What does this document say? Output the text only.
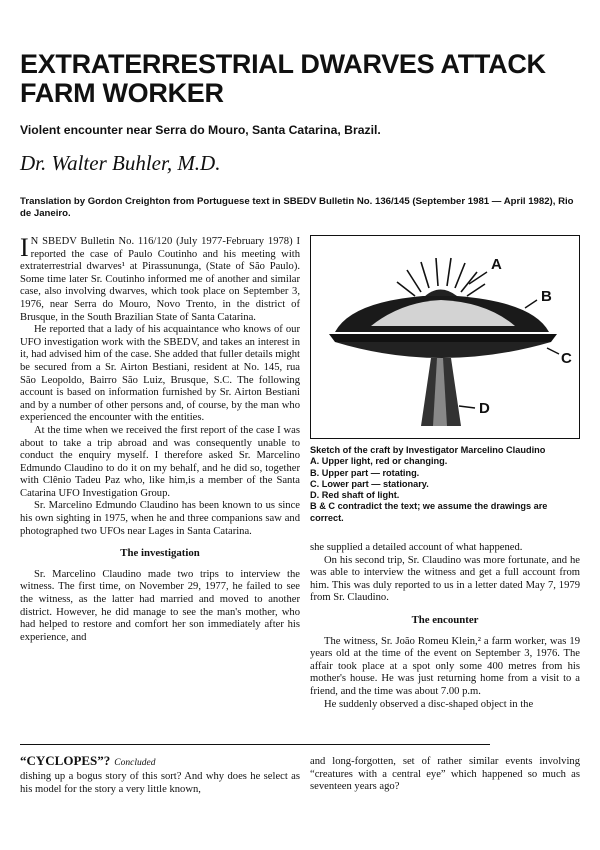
EXTRATERRESTRIAL DWARVES ATTACK FARM WORKER

Violent encounter near Serra do Mouro, Santa Catarina, Brazil.

Dr. Walter Buhler, M.D.

Translation by Gordon Creighton from Portuguese text in SBEDV Bulletin No. 136/145 (September 1981 — April 1982), Rio de Janeiro.

I N SBEDV Bulletin No. 116/120 (July 1977-February 1978) I reported the case of Paulo Coutinho and his meeting with extraterrestrial dwarves¹ at Pirassununga, (State of São Paulo). Some time later Sr. Coutinho informed me of another and similar case, also involving dwarves, which took place on September 3, 1976, near Serra do Mouro, Novo Trento, in the district of Brusque, in the South Brazilian State of Santa Catarina.

He reported that a lady of his acquaintance who knows of our UFO investigation work with the SBEDV, and takes an interest in it, had advised him of the case. She added that fuller details might be secured from a Sr. Airton Bestiani, resident at No. 145, rua São Leopoldo, Bairro São Luiz, Brusque, S.C. The following account is based on information furnished by Sr. Airton Bestiani and by a number of other persons and, of course, by the man who experienced the encounter with the entities.

At the time when we received the first report of the case I was about to take a trip abroad and was consequently unable to conduct the enquiry myself. I therefore asked Sr. Marcelino Edmundo Claudino to do it on my behalf, and he did so, together with Clênio Tadeu Paz who, like him,is a member of the Santa Catarina UFO Investigation Group.

Sr. Marcelino Edmundo Claudino has been known to us since his own sighting in 1975, when he and three companions saw and photographed two UFOs near Lages in Santa Catarina.

The investigation

Sr. Marcelino Claudino made two trips to interview the witness. The first time, on November 29, 1977, he failed to see the witness, as the latter had married and moved to another district. However, he did manage to see the man's mother, who had helped to restore and comfort her son immediately after his experience, and

A
B
C
D
Sketch of the craft by Investigator Marcelino Claudino
A. Upper light, red or changing.
B. Upper part — rotating.
C. Lower part — stationary.
D. Red shaft of light.
B & C contradict the text; we assume the drawings are correct.

she supplied a detailed account of what happened.

On his second trip, Sr. Claudino was more fortunate, and he was able to interview the witness and get a full account from him. This was duly reported to us in a letter dated May 7, 1979 from Sr. Claudino.

The encounter

The witness, Sr. João Romeu Klein,² a farm worker, was 19 years old at the time of the event on September 3, 1976. The affair took place at a spot only some 400 metres from his mother's house. He was just returning home from a visit to a friend, and the time was about 7.00 p.m.

He suddenly observed a disc-shaped object in the

“CYCLOPES”? Concluded

dishing up a bogus story of this sort? And why does he select as his model for the story a very little known,

and long-forgotten, set of rather similar events involving “creatures with a central eye” which happened so much as seventeen years ago?
